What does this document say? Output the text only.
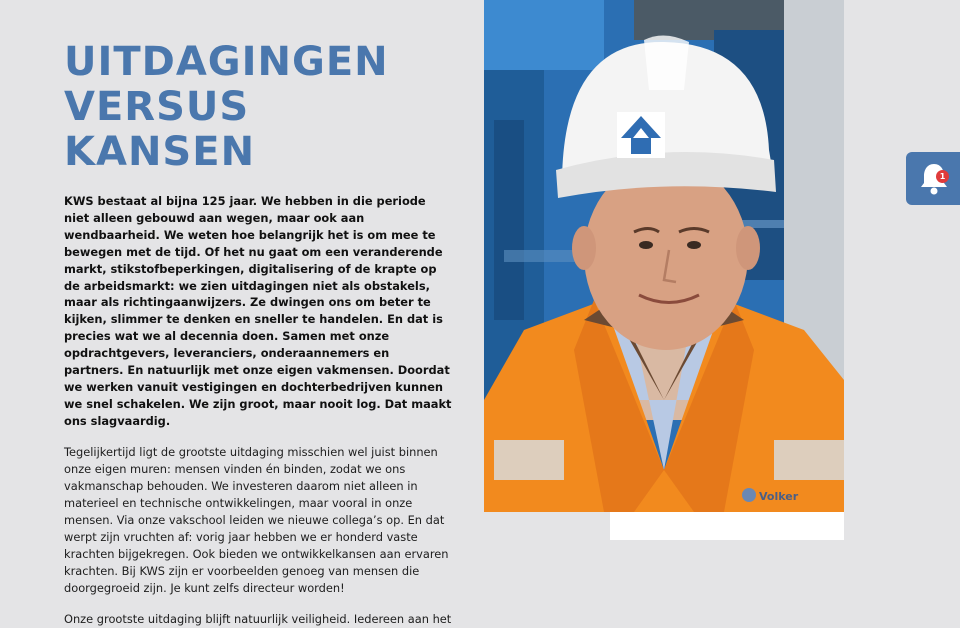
UITDAGINGEN
VERSUS KANSEN

KWS bestaat al bijna 125 jaar. We hebben in die periode niet alleen gebouwd aan wegen, maar ook aan wendbaarheid. We weten hoe belangrijk het is om mee te bewegen met de tijd. Of het nu gaat om een veranderende markt, stikstofbeperkingen, digitalisering of de krapte op de arbeidsmarkt: we zien uitdagingen niet als obstakels, maar als richtingaanwijzers. Ze dwingen ons om beter te kijken, slimmer te denken en sneller te handelen. En dat is precies wat we al decennia doen. Samen met onze opdrachtgevers, leveranciers, onderaannemers en partners. En natuurlijk met onze eigen vakmensen. Doordat we werken vanuit vestigingen en dochterbedrijven kunnen we snel schakelen. We zijn groot, maar nooit log. Dat maakt ons slagvaardig.

Tegelijkertijd ligt de grootste uitdaging misschien wel juist binnen onze eigen muren: mensen vinden én binden, zodat we ons vakmanschap behouden. We investeren daarom niet alleen in materieel en technische ontwikkelingen, maar vooral in onze mensen. Via onze vakschool leiden we nieuwe collega’s op. En dat werpt zijn vruchten af: vorig jaar hebben we er honderd vaste krachten bijgekregen. Ook bieden we ontwikkelkansen aan ervaren krachten. Bij KWS zijn er voorbeelden genoeg van mensen die doorgegroeid zijn. Je kunt zelfs directeur worden!

Onze grootste uitdaging blijft natuurlijk veiligheid. Iedereen aan het

Volker
1
